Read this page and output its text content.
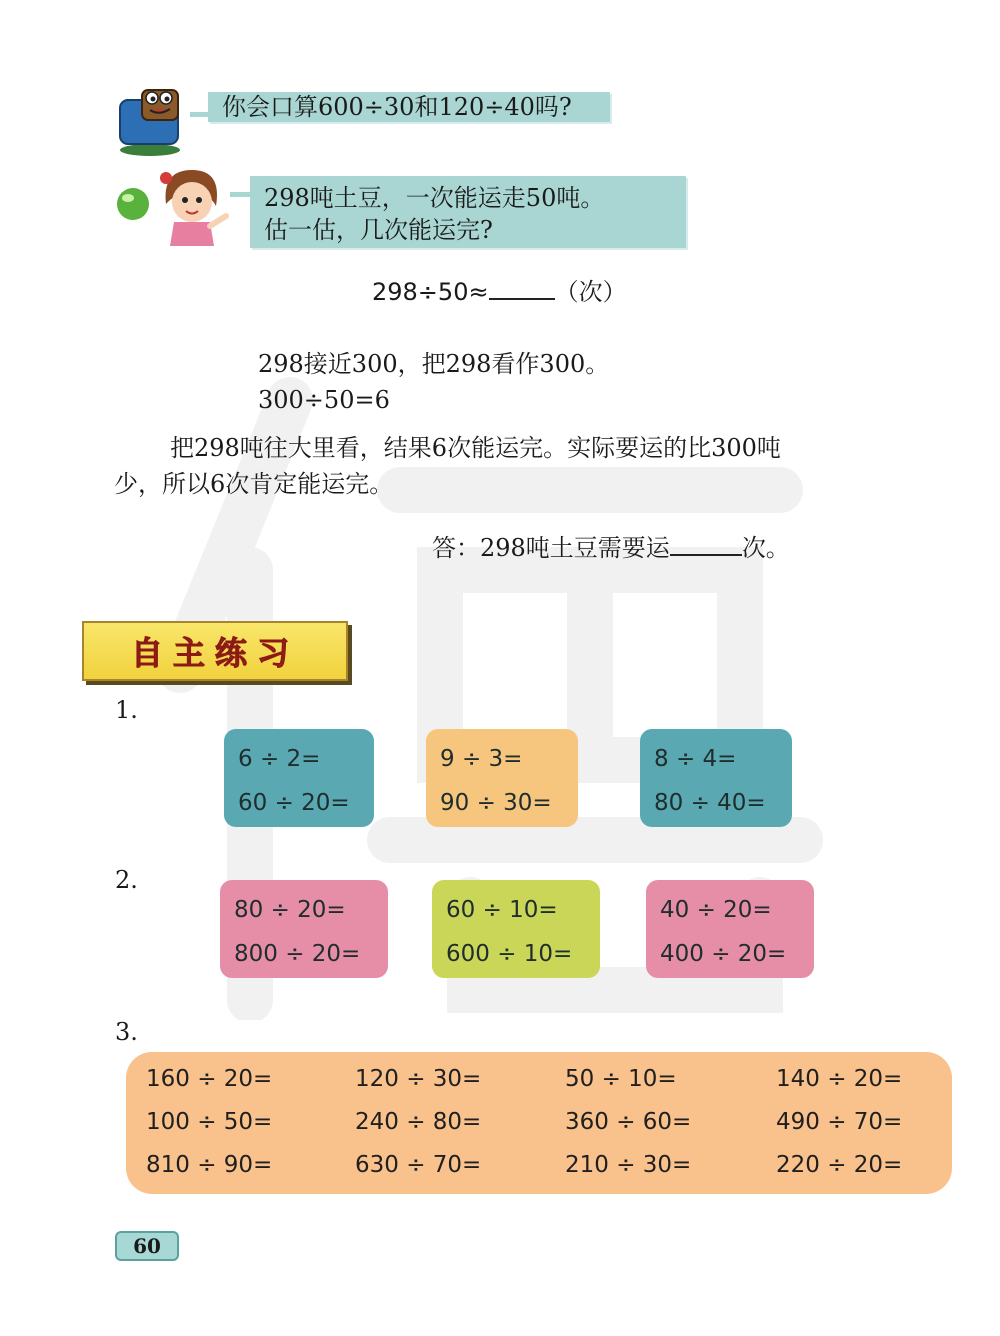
你会口算600÷30和120÷40吗?
298吨土豆，一次能运走50吨。
估一估，几次能运完?
298÷50≈	（次）
298接近300，把298看作300。
300÷50=6
把298吨往大里看，结果6次能运完。实际要运的比300吨
少，所以6次肯定能运完。
答：298吨土豆需要运	次。
自主练习
1.
6 ÷ 2=
60 ÷ 20=
9 ÷ 3=
90 ÷ 30=
8 ÷ 4=
80 ÷ 40=
2.
80 ÷ 20=
800 ÷ 20=
60 ÷ 10=
600 ÷ 10=
40 ÷ 20=
400 ÷ 20=
3.
160 ÷ 20=	120 ÷ 30=	50 ÷ 10=	140 ÷ 20=
100 ÷ 50=	240 ÷ 80=	360 ÷ 60=	490 ÷ 70=
810 ÷ 90=	630 ÷ 70=	210 ÷ 30=	220 ÷ 20=
60
